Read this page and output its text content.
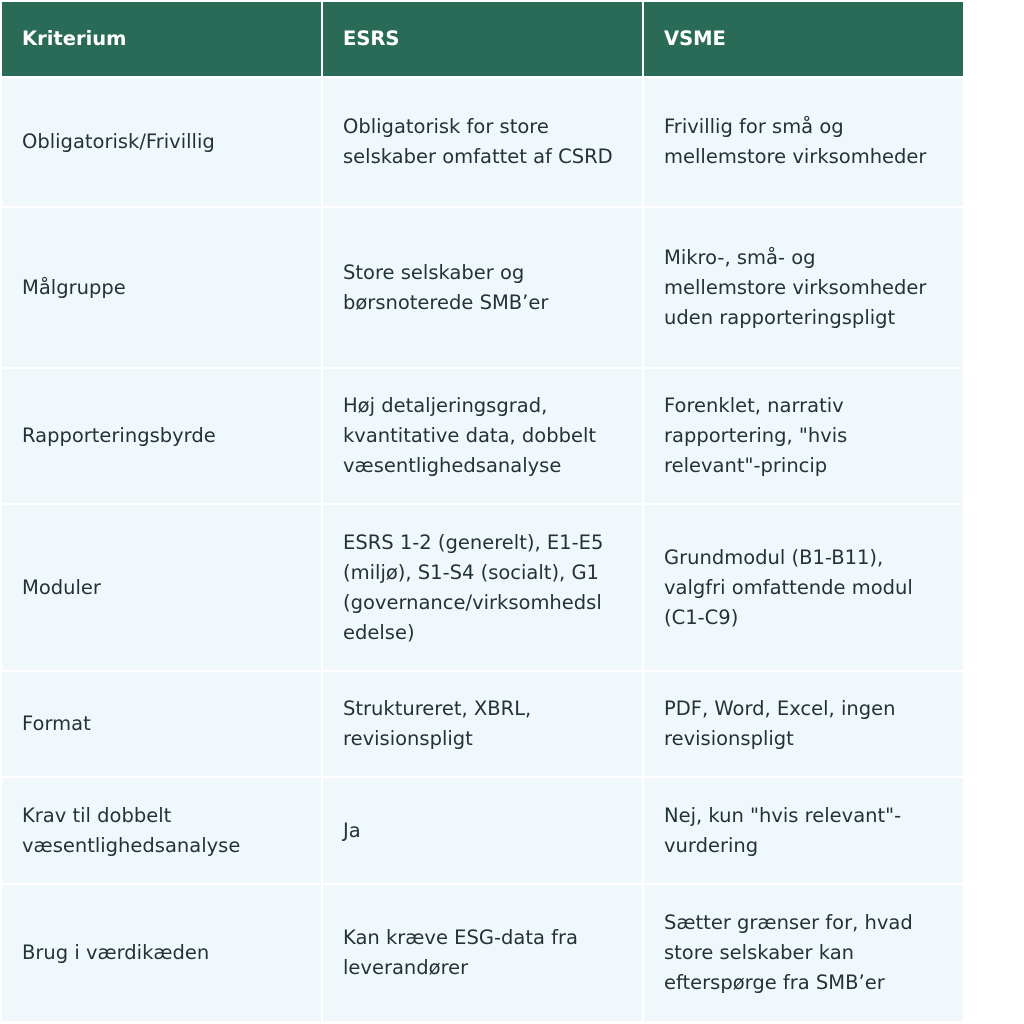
Kriterium	ESRS	VSME
Obligatorisk/Frivillig
Obligatorisk for store
selskaber omfattet af CSRD
Frivillig for små og
mellemstore virksomheder
Målgruppe
Store selskaber og
børsnoterede SMB’er
Mikro-, små- og
mellemstore virksomheder
uden rapporteringspligt
Rapporteringsbyrde
Høj detaljeringsgrad,
kvantitative data, dobbelt
væsentlighedsanalyse
Forenklet, narrativ
rapportering, "hvis
relevant"-princip
Moduler
ESRS 1-2 (generelt), E1-E5
(miljø), S1-S4 (socialt), G1
(governance/virksomhedsl
edelse)
Grundmodul (B1-B11),
valgfri omfattende modul
(C1-C9)
Format
Struktureret, XBRL,
revisionspligt
PDF, Word, Excel, ingen
revisionspligt
Krav til dobbelt
væsentlighedsanalyse
Ja
Nej, kun "hvis relevant"-
vurdering
Brug i værdikæden
Kan kræve ESG-data fra
leverandører
Sætter grænser for, hvad
store selskaber kan
efterspørge fra SMB’er
